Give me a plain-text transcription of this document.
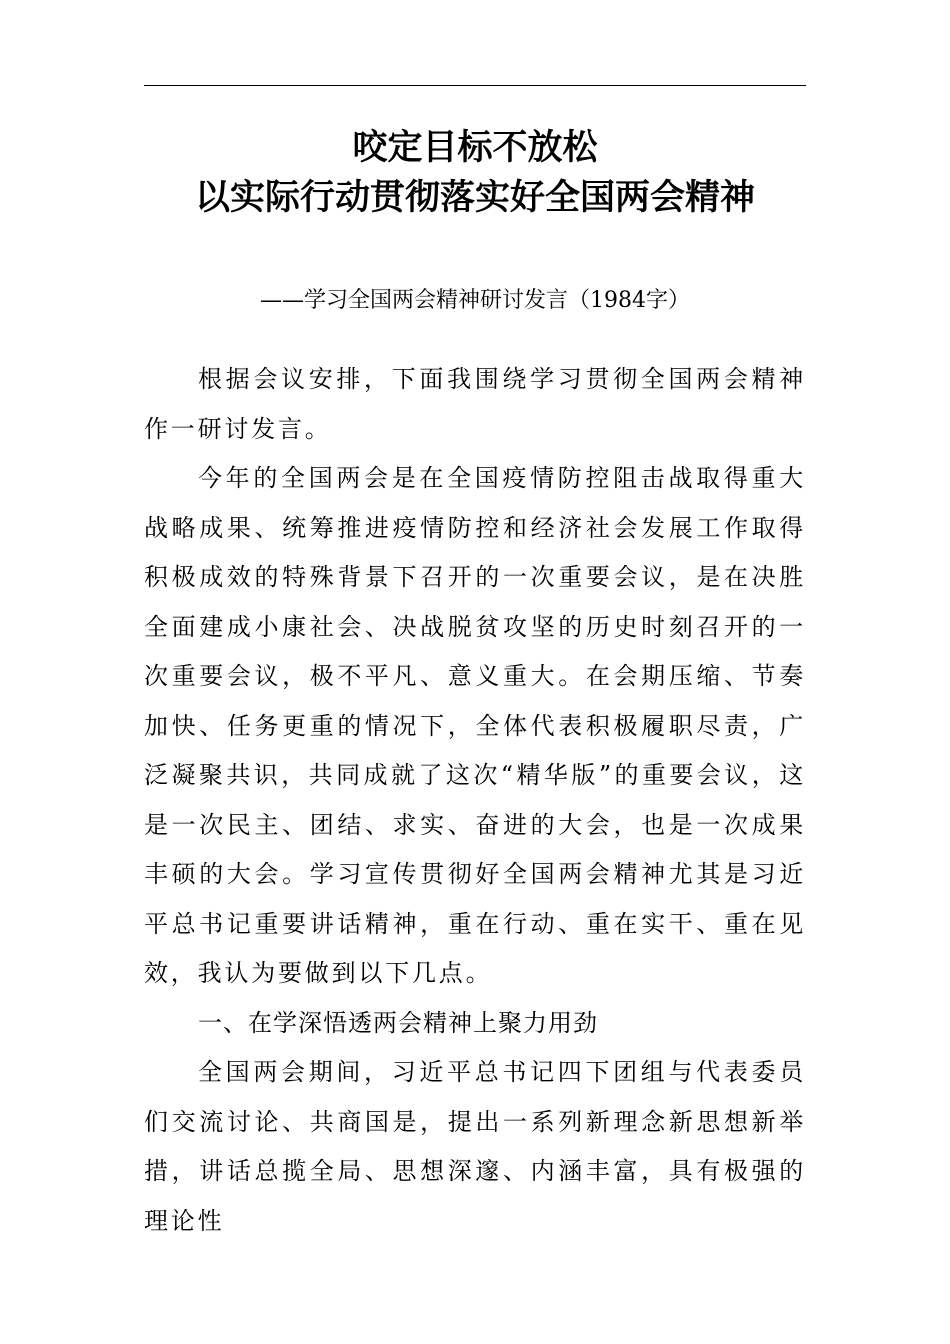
咬定目标不放松
以实际行动贯彻落实好全国两会精神

——学习全国两会精神研讨发言（1984字）

根据会议安排，下面我围绕学习贯彻全国两会精神作一研讨发言。

今年的全国两会是在全国疫情防控阻击战取得重大战略成果、统筹推进疫情防控和经济社会发展工作取得积极成效的特殊背景下召开的一次重要会议，是在决胜全面建成小康社会、决战脱贫攻坚的历史时刻召开的一次重要会议，极不平凡、意义重大。在会期压缩、节奏加快、任务更重的情况下，全体代表积极履职尽责，广泛凝聚共识，共同成就了这次“精华版”的重要会议，这是一次民主、团结、求实、奋进的大会，也是一次成果丰硕的大会。学习宣传贯彻好全国两会精神尤其是习近平总书记重要讲话精神，重在行动、重在实干、重在见效，我认为要做到以下几点。

一、在学深悟透两会精神上聚力用劲

全国两会期间，习近平总书记四下团组与代表委员们交流讨论、共商国是，提出一系列新理念新思想新举措，讲话总揽全局、思想深邃、内涵丰富，具有极强的理论性
